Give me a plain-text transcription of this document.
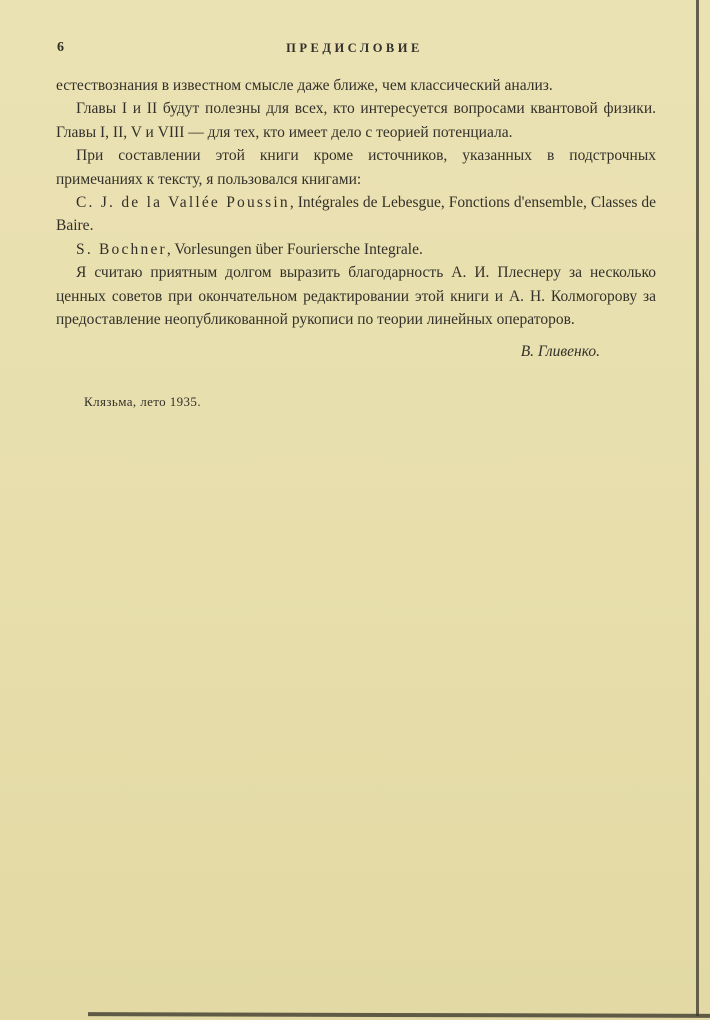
6	ПРЕДИСЛОВИЕ

естествознания в известном смысле даже ближе, чем классический анализ.

Главы I и II будут полезны для всех, кто интересуется вопросами квантовой физики. Главы I, II, V и VIII — для тех, кто имеет дело с теорией потенциала.

При составлении этой книги кроме источников, указанных в подстрочных примечаниях к тексту, я пользовался книгами:

C. J. de la Vallée Poussin, Intégrales de Lebesgue, Fonctions d'ensemble, Classes de Baire.

S. Bochner, Vorlesungen über Fouriersche Integrale.

Я считаю приятным долгом выразить благодарность А. И. Плеснеру за несколько ценных советов при окончательном редактировании этой книги и А. Н. Колмогорову за предоставление неопубликованной рукописи по теории линейных операторов.

В. Гливенко.
Клязьма, лето 1935.
